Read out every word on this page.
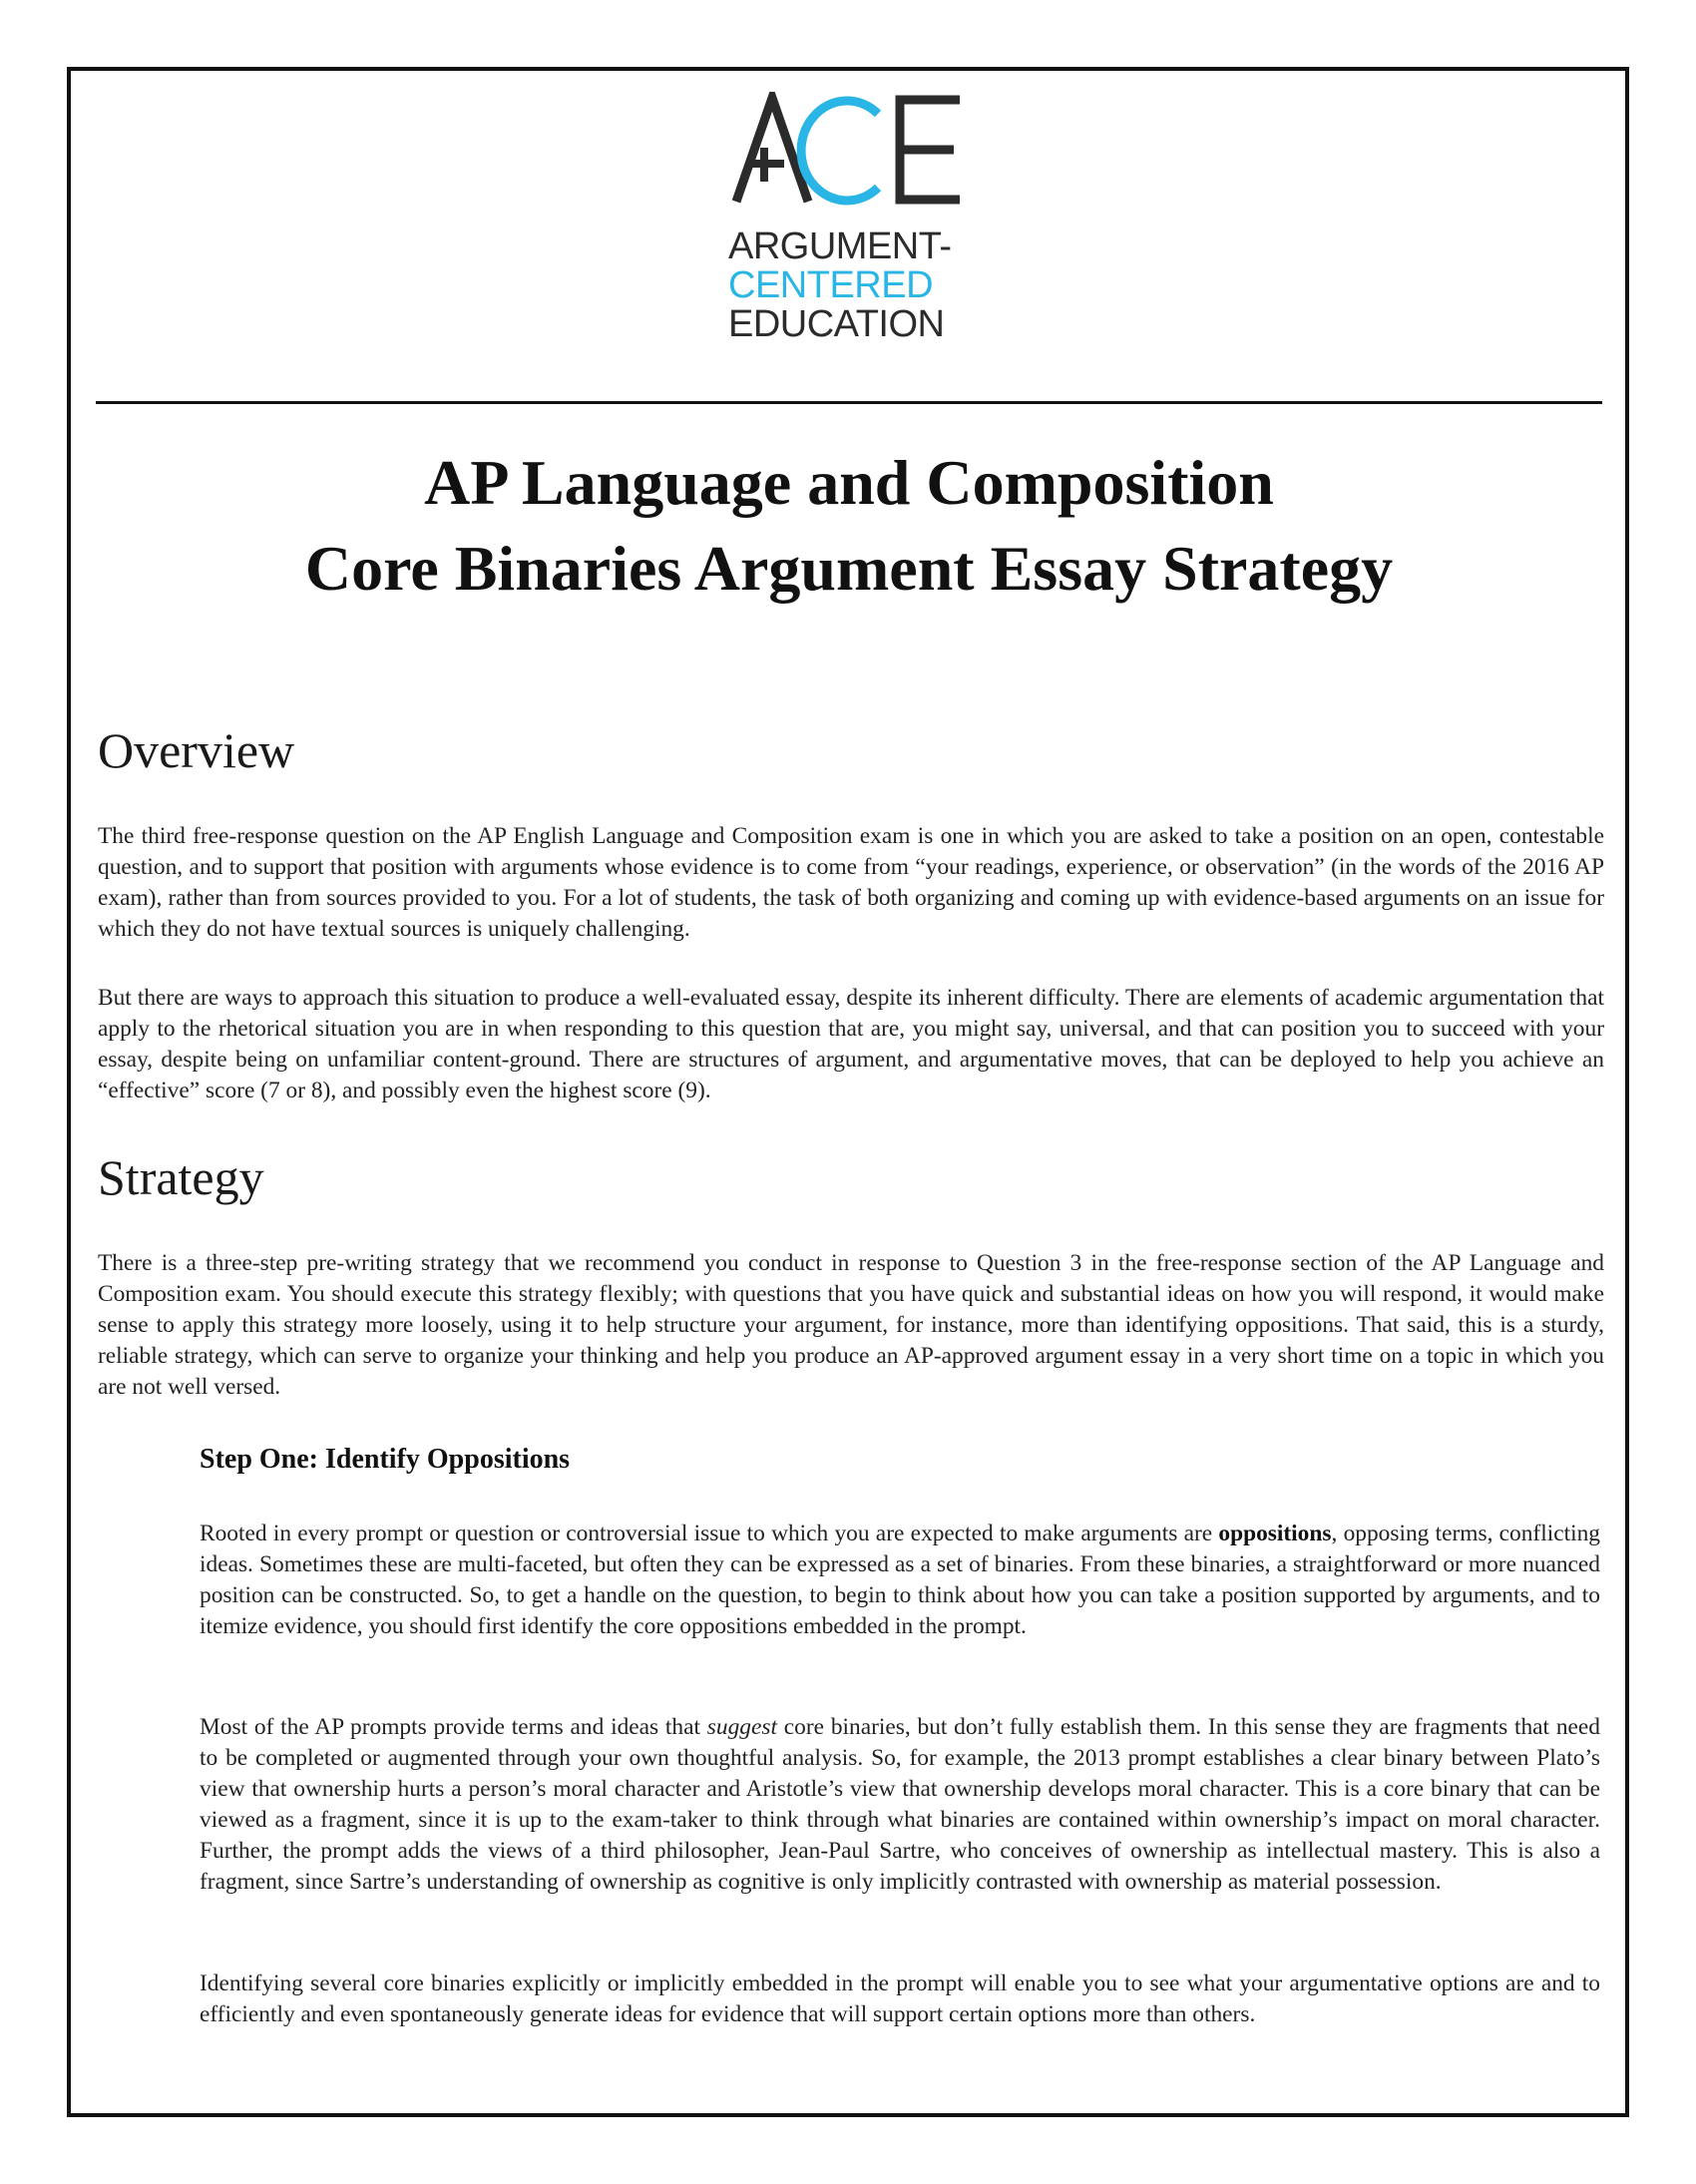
ARGUMENT-
CENTERED
EDUCATION
AP Language and Composition
Core Binaries Argument Essay Strategy
Overview

The third free-response question on the AP English Language and Composition exam is one in which you are asked to take a position on an open, contestable question, and to support that position with arguments whose evidence is to come from “your readings, experience, or observation” (in the words of the 2016 AP exam), rather than from sources provided to you. For a lot of students, the task of both organizing and coming up with evidence-based arguments on an issue for which they do not have textual sources is uniquely challenging.

But there are ways to approach this situation to produce a well-evaluated essay, despite its inherent difficulty. There are elements of academic argumentation that apply to the rhetorical situation you are in when responding to this question that are, you might say, universal, and that can position you to succeed with your essay, despite being on unfamiliar content-ground. There are structures of argument, and argumentative moves, that can be deployed to help you achieve an “effective” score (7 or 8), and possibly even the highest score (9).

Strategy

There is a three-step pre-writing strategy that we recommend you conduct in response to Question 3 in the free-response section of the AP Language and Composition exam. You should execute this strategy flexibly; with questions that you have quick and substantial ideas on how you will respond, it would make sense to apply this strategy more loosely, using it to help structure your argument, for instance, more than identifying oppositions. That said, this is a sturdy, reliable strategy, which can serve to organize your thinking and help you produce an AP-approved argument essay in a very short time on a topic in which you are not well versed.

Step One: Identify Oppositions

Rooted in every prompt or question or controversial issue to which you are expected to make arguments are oppositions, opposing terms, conflicting ideas. Sometimes these are multi-faceted, but often they can be expressed as a set of binaries. From these binaries, a straightforward or more nuanced position can be constructed. So, to get a handle on the question, to begin to think about how you can take a position supported by arguments, and to itemize evidence, you should first identify the core oppositions embedded in the prompt.

Most of the AP prompts provide terms and ideas that suggest core binaries, but don’t fully establish them. In this sense they are fragments that need to be completed or augmented through your own thoughtful analysis. So, for example, the 2013 prompt establishes a clear binary between Plato’s view that ownership hurts a person’s moral character and Aristotle’s view that ownership develops moral character. This is a core binary that can be viewed as a fragment, since it is up to the exam-taker to think through what binaries are contained within ownership’s impact on moral character. Further, the prompt adds the views of a third philosopher, Jean-Paul Sartre, who conceives of ownership as intellectual mastery. This is also a fragment, since Sartre’s understanding of ownership as cognitive is only implicitly contrasted with ownership as material possession.

Identifying several core binaries explicitly or implicitly embedded in the prompt will enable you to see what your argumentative options are and to efficiently and even spontaneously generate ideas for evidence that will support certain options more than others.
